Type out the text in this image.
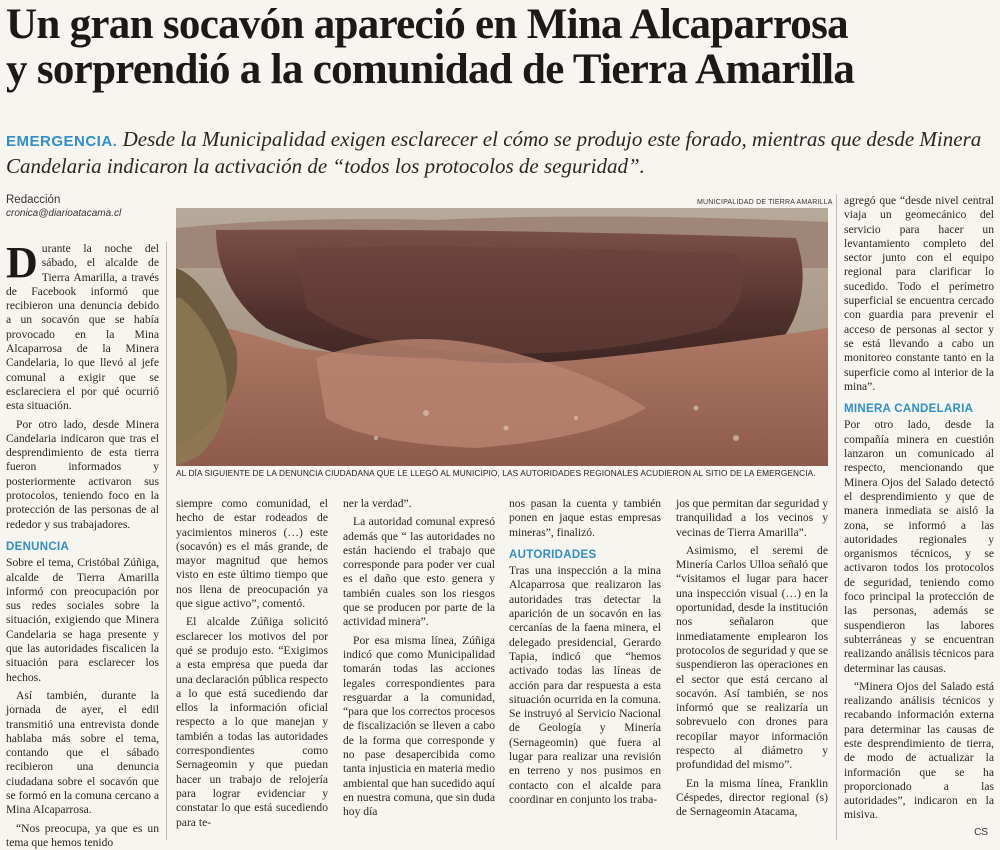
Un gran socavón apareció en Mina Alcaparrosa
y sorprendió a la comunidad de Tierra Amarilla
EMERGENCIA. Desde la Municipalidad exigen esclarecer el cómo se produjo este forado, mientras que desde Minera Candelaria indicaron la activación de “todos los protocolos de seguridad”.
Redacción
cronica@diarioatacama.cl
MUNICIPALIDAD DE TIERRA AMARILLA
AL DÍA SIGUIENTE DE LA DENUNCIA CIUDADANA QUE LE LLEGÓ AL MUNICIPIO, LAS AUTORIDADES REGIONALES ACUDIERON AL SITIO DE LA EMERGENCIA.
D urante la noche del sábado, el alcalde de Tierra Amarilla, a través de Facebook informó que recibieron una denuncia debido a un socavón que se había provocado en la Mina Alcaparrosa de la Minera Candelaria, lo que llevó al jefe comunal a exigir que se esclareciera el por qué ocurrió esta situación.

Por otro lado, desde Minera Candelaria indicaron que tras el desprendimiento de esta tierra fueron informados y posteriormente activaron sus protocolos, teniendo foco en la protección de las personas de al rededor y sus trabajadores.

DENUNCIA

Sobre el tema, Cristóbal Zúñiga, alcalde de Tierra Amarilla informó con preocupación por sus redes sociales sobre la situación, exigiendo que Minera Candelaria se haga presente y que las autoridades fiscalicen la situación para esclarecer los hechos.

Así también, durante la jornada de ayer, el edil transmitió una entrevista donde hablaba más sobre el tema, contando que el sábado recibieron una denuncia ciudadana sobre el socavón que se formó en la comuna cercano a Mina Alcaparrosa.

“Nos preocupa, ya que es un tema que hemos tenido

siempre como comunidad, el hecho de estar rodeados de yacimientos mineros (…) este (socavón) es el más grande, de mayor magnitud que hemos visto en este último tiempo que nos llena de preocupación ya que sigue activo”, comentó.

El alcalde Zúñiga solicitó esclarecer los motivos del por qué se produjo esto. “Exigimos a esta empresa que pueda dar una declaración pública respecto a lo que está sucediendo dar ellos la información oficial respecto a lo que manejan y también a todas las autoridades correspondientes como Sernageomin y que puedan hacer un trabajo de relojería para lograr evidenciar y constatar lo que está sucediendo para te-

ner la verdad”.

La autoridad comunal expresó además que “ las autoridades no están haciendo el trabajo que corresponde para poder ver cual es el daño que esto genera y también cuales son los riesgos que se producen por parte de la actividad minera”.

Por esa misma línea, Zúñiga indicó que como Municipalidad tomarán todas las acciones legales correspondientes para resguardar a la comunidad, “para que los correctos procesos de fiscalización se lleven a cabo de la forma que corresponde y no pase desapercibida como tanta injusticia en materia medio ambiental que han sucedido aquí en nuestra comuna, que sin duda hoy día

nos pasan la cuenta y también ponen en jaque estas empresas mineras”, finalizó.

AUTORIDADES

Tras una inspección a la mina Alcaparrosa que realizaron las autoridades tras detectar la aparición de un socavón en las cercanías de la faena minera, el delegado presidencial, Gerardo Tapia, indicó que “hemos activado todas las líneas de acción para dar respuesta a esta situación ocurrida en la comuna. Se instruyó al Servicio Nacional de Geología y Minería (Sernageomin) que fuera al lugar para realizar una revisión en terreno y nos pusimos en contacto con el alcalde para coordinar en conjunto los traba-

jos que permitan dar seguridad y tranquilidad a los vecinos y vecinas de Tierra Amarilla”.

Asimismo, el seremi de Minería Carlos Ulloa señaló que “visitamos el lugar para hacer una inspección visual (…) en la oportunidad, desde la institución nos señalaron que inmediatamente emplearon los protocolos de seguridad y que se suspendieron las operaciones en el sector que está cercano al socavón. Así también, se nos informó que se realizaría un sobrevuelo con drones para recopilar mayor información respecto al diámetro y profundidad del mismo”.

En la misma línea, Franklin Céspedes, director regional (s) de Sernageomin Atacama,

agregó que “desde nivel central viaja un geomecánico del servicio para hacer un levantamiento completo del sector junto con el equipo regional para clarificar lo sucedido. Todo el perímetro superficial se encuentra cercado con guardia para prevenir el acceso de personas al sector y se está llevando a cabo un monitoreo constante tanto en la superficie como al interior de la mina”.

MINERA CANDELARIA

Por otro lado, desde la compañía minera en cuestión lanzaron un comunicado al respecto, mencionando que Minera Ojos del Salado detectó el desprendimiento y que de manera inmediata se aisló la zona, se informó a las autoridades regionales y organismos técnicos, y se activaron todos los protocolos de seguridad, teniendo como foco principal la protección de las personas, además se suspendieron las labores subterráneas y se encuentran realizando análisis técnicos para determinar las causas.

“Minera Ojos del Salado está realizando análisis técnicos y recabando información externa para determinar las causas de este desprendimiento de tierra, de modo de actualizar la información que se ha proporcionado a las autoridades”, indicaron en la misiva.

CS
